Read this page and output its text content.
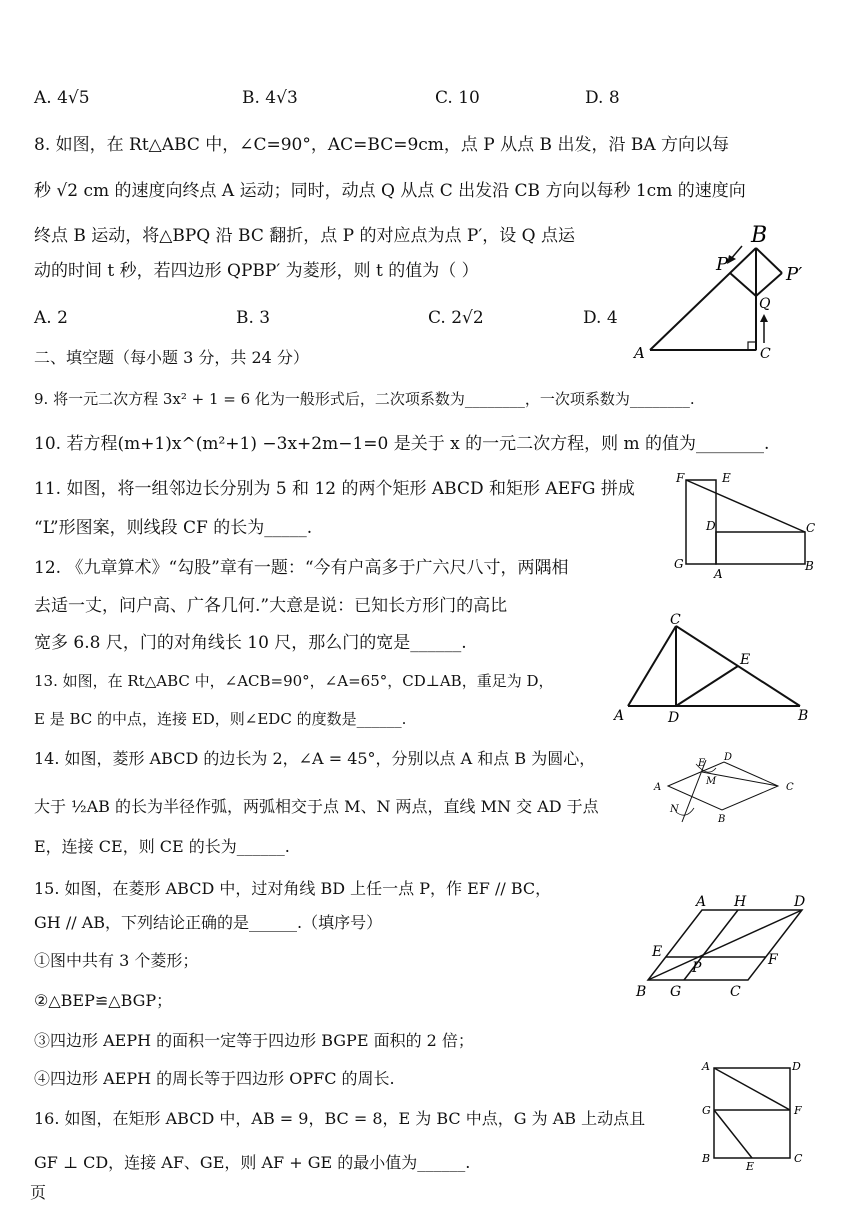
A. 4√5	B. 4√3	C. 10	D. 8
8. 如图，在 Rt△ABC 中，∠C=90°，AC=BC=9cm，点 P 从点 B 出发，沿 BA 方向以每
秒 √2 cm 的速度向终点 A 运动；同时，动点 Q 从点 C 出发沿 CB 方向以每秒 1cm 的速度向
终点 B 运动，将△BPQ 沿 BC 翻折，点 P 的对应点为点 P′，设 Q 点运
动的时间 t 秒，若四边形 QPBP′ 为菱形，则 t 的值为（ ）
A. 2	B. 3	C. 2√2	D. 4
B
P	P′
Q
A	C
二、填空题（每小题 3 分，共 24 分）
9. 将一元二次方程 3x² + 1 = 6 化为一般形式后，二次项系数为________，一次项系数为________.
10. 若方程(m+1)x^(m²+1) −3x+2m−1=0 是关于 x 的一元二次方程，则 m 的值为________.
11. 如图，将一组邻边长分别为 5 和 12 的两个矩形 ABCD 和矩形 AEFG 拼成
“L”形图案，则线段 CF 的长为_____.
F	E
D	C
G
A
B
12. 《九章算术》“勾股”章有一题：“今有户高多于广六尺八寸，两隅相
去适一丈，问户高、广各几何.”大意是说：已知长方形门的高比
宽多 6.8 尺，门的对角线长 10 尺，那么门的宽是______.
13. 如图，在 Rt△ABC 中，∠ACB=90°，∠A=65°，CD⊥AB，重足为 D，
E 是 BC 的中点，连接 ED，则∠EDC 的度数是______.
C
E
A	D	B
14. 如图，菱形 ABCD 的边长为 2，∠A = 45°，分别以点 A 和点 B 为圆心，
大于 ½AB 的长为半径作弧，两弧相交于点 M、N 两点，直线 MN 交 AD 于点
E，连接 CE，则 CE 的长为______.
E
D
M
A	C
N
B
15. 如图，在菱形 ABCD 中，过对角线 BD 上任一点 P，作 EF // BC，
GH // AB，下列结论正确的是______.（填序号）
①图中共有 3 个菱形；
②△BEP≌△BGP；
③四边形 AEPH 的面积一定等于四边形 BGPE 面积的 2 倍；
④四边形 AEPH 的周长等于四边形 OPFC 的周长.
A H	D
E
P	F
B G	C
16. 如图，在矩形 ABCD 中，AB = 9，BC = 8，E 为 BC 中点，G 为 AB 上动点且
GF ⊥ CD，连接 AF、GE，则 AF + GE 的最小值为______.
A	D
G	F
B
E
C
页
